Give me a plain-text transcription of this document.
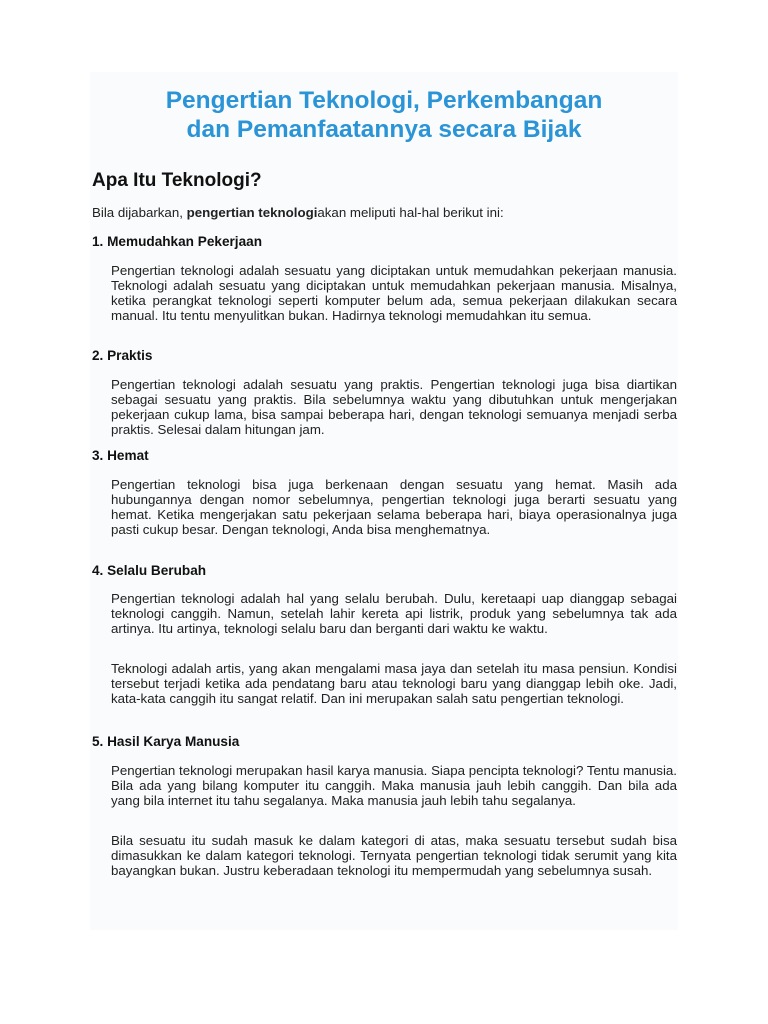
Pengertian Teknologi, Perkembangan
dan Pemanfaatannya secara Bijak
Apa Itu Teknologi?
Bila dijabarkan, pengertian teknologiakan meliputi hal-hal berikut ini:
1. Memudahkan Pekerjaan
Pengertian teknologi adalah sesuatu yang diciptakan untuk memudahkan pekerjaan manusia. Teknologi adalah sesuatu yang diciptakan untuk memudahkan pekerjaan manusia. Misalnya, ketika perangkat teknologi seperti komputer belum ada, semua pekerjaan dilakukan secara manual. Itu tentu menyulitkan bukan. Hadirnya teknologi memudahkan itu semua.
2. Praktis
Pengertian teknologi adalah sesuatu yang praktis. Pengertian teknologi juga bisa diartikan sebagai sesuatu yang praktis. Bila sebelumnya waktu yang dibutuhkan untuk mengerjakan pekerjaan cukup lama, bisa sampai beberapa hari, dengan teknologi semuanya menjadi serba praktis. Selesai dalam hitungan jam.
3. Hemat
Pengertian teknologi bisa juga berkenaan dengan sesuatu yang hemat. Masih ada hubungannya dengan nomor sebelumnya, pengertian teknologi juga berarti sesuatu yang hemat. Ketika mengerjakan satu pekerjaan selama beberapa hari, biaya operasionalnya juga pasti cukup besar. Dengan teknologi, Anda bisa menghematnya.
4. Selalu Berubah
Pengertian teknologi adalah hal yang selalu berubah. Dulu, keretaapi uap dianggap sebagai teknologi canggih. Namun, setelah lahir kereta api listrik, produk yang sebelumnya tak ada artinya. Itu artinya, teknologi selalu baru dan berganti dari waktu ke waktu.
Teknologi adalah artis, yang akan mengalami masa jaya dan setelah itu masa pensiun. Kondisi tersebut terjadi ketika ada pendatang baru atau teknologi baru yang dianggap lebih oke. Jadi, kata-kata canggih itu sangat relatif. Dan ini merupakan salah satu pengertian teknologi.
5. Hasil Karya Manusia
Pengertian teknologi merupakan hasil karya manusia. Siapa pencipta teknologi? Tentu manusia. Bila ada yang bilang komputer itu canggih. Maka manusia jauh lebih canggih. Dan bila ada yang bila internet itu tahu segalanya. Maka manusia jauh lebih tahu segalanya.
Bila sesuatu itu sudah masuk ke dalam kategori di atas, maka sesuatu tersebut sudah bisa dimasukkan ke dalam kategori teknologi. Ternyata pengertian teknologi tidak serumit yang kita bayangkan bukan. Justru keberadaan teknologi itu mempermudah yang sebelumnya susah.
